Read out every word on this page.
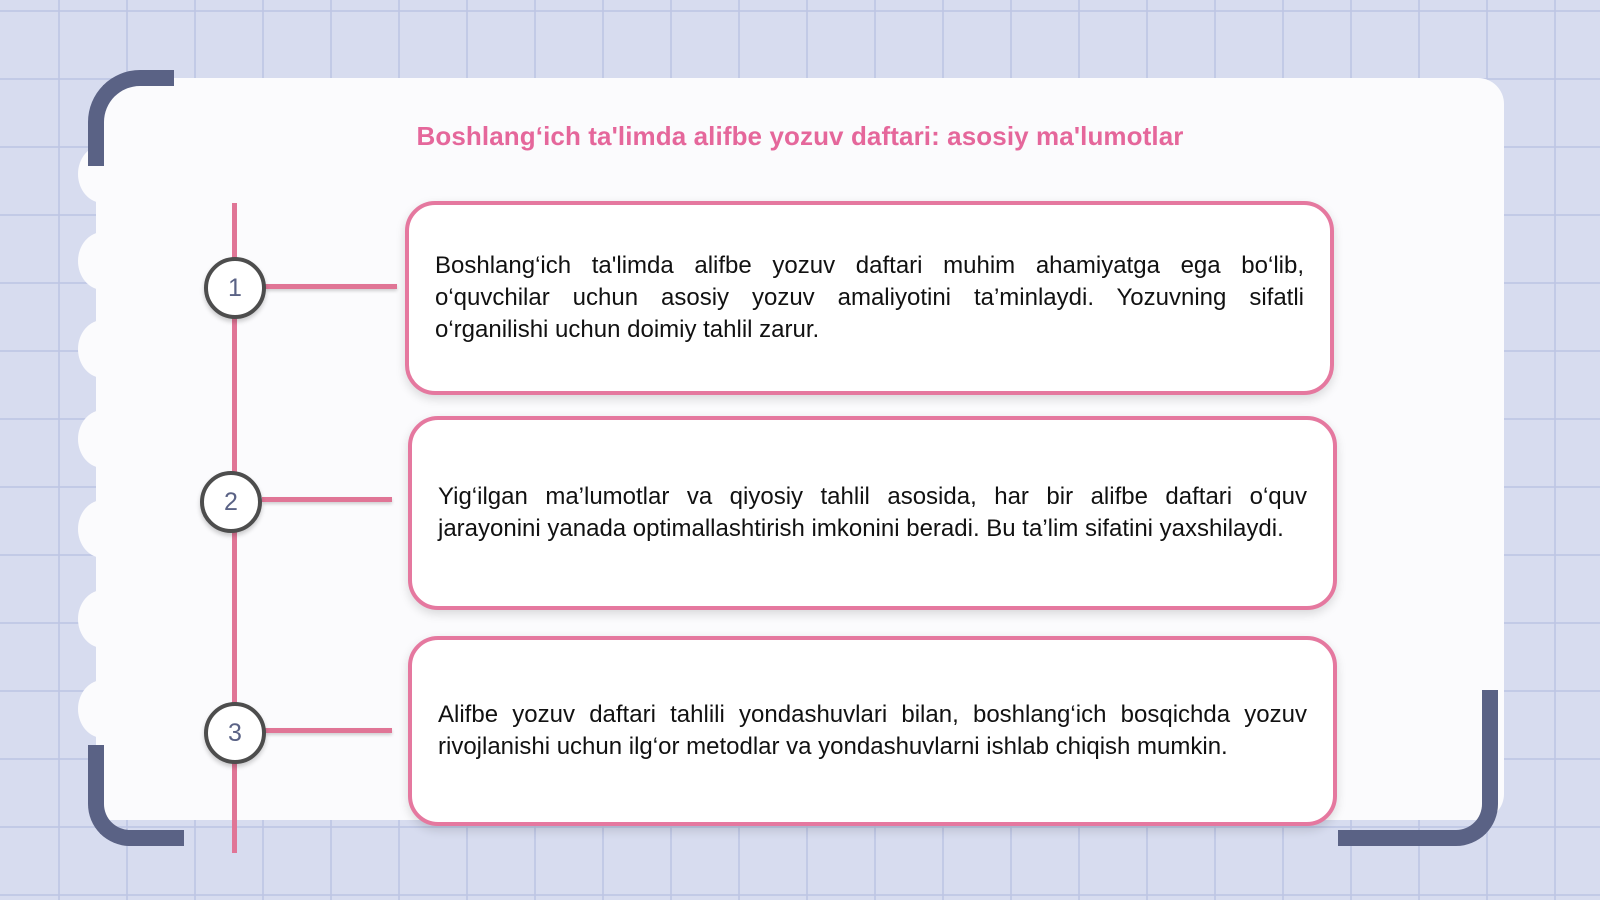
Boshlangʻich ta'limda alifbe yozuv daftari: asosiy ma'lumotlar
1
2
3

Boshlang‘ich ta'limda alifbe yozuv daftari muhim ahamiyatga ega bo‘lib, o‘quvchilar uchun asosiy yozuv amaliyotini ta’minlaydi. Yozuvning sifatli o‘rganilishi uchun doimiy tahlil zarur.

Yig‘ilgan ma’lumotlar va qiyosiy tahlil asosida, har bir alifbe daftari o‘quv jarayonini yanada optimallashtirish imkonini beradi. Bu ta’lim sifatini yaxshilaydi.

Alifbe yozuv daftari tahlili yondashuvlari bilan, boshlang‘ich bosqichda yozuv rivojlanishi uchun ilg‘or metodlar va yondashuvlarni ishlab chiqish mumkin.
